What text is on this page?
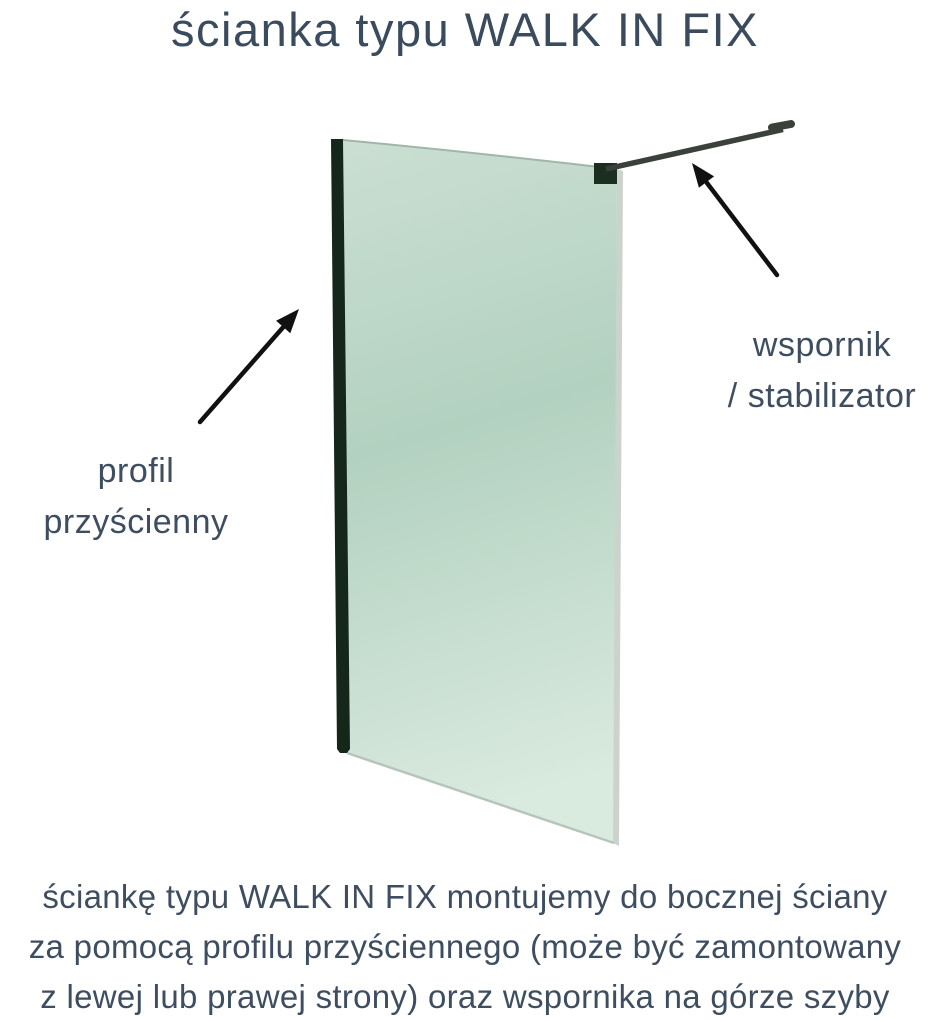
ścianka typu WALK IN FIX
profil
przyścienny
wspornik
/ stabilizator
ściankę typu WALK IN FIX montujemy do bocznej ściany
za pomocą profilu przyściennego (może być zamontowany
z lewej lub prawej strony) oraz wspornika na górze szyby
